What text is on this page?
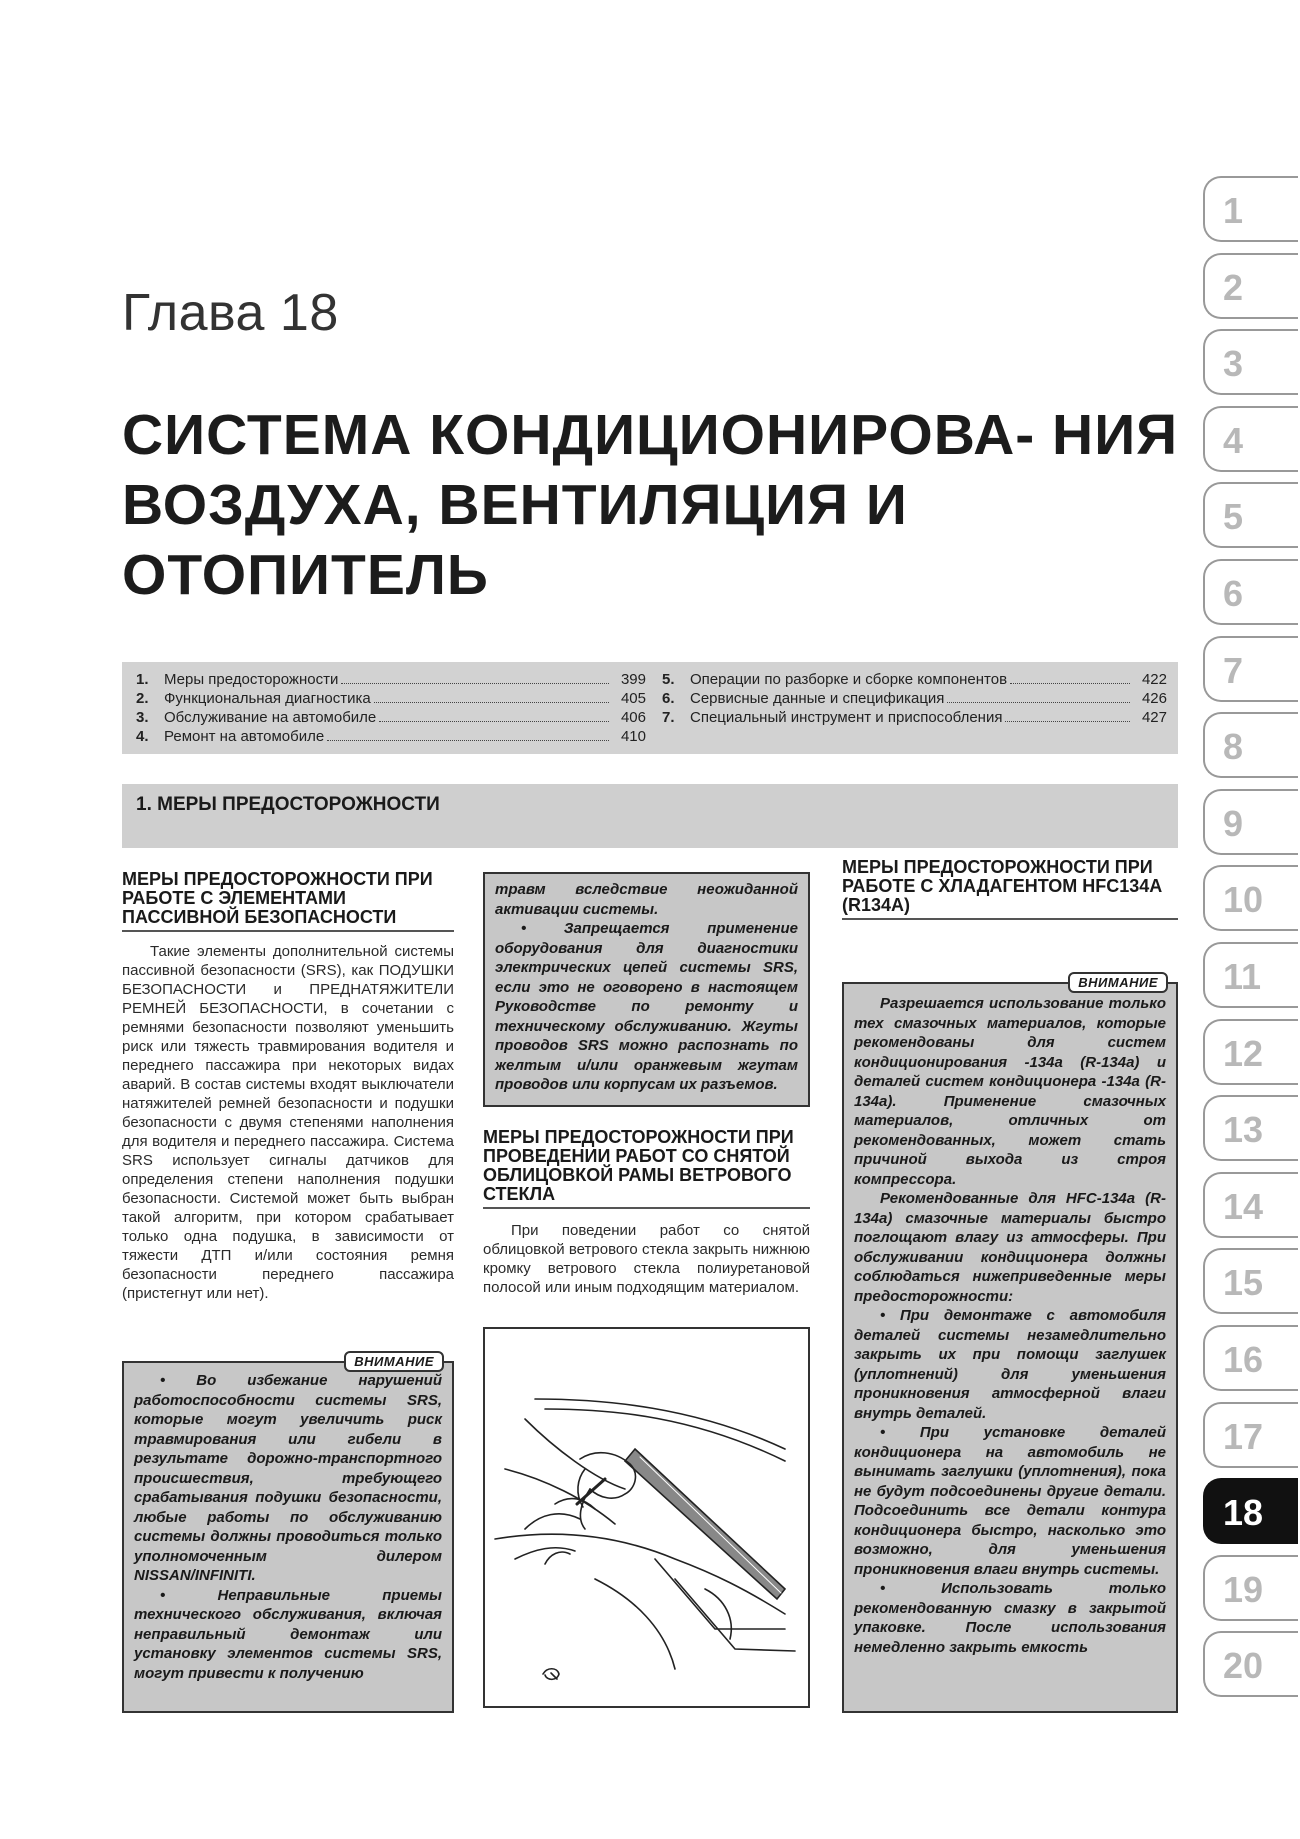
Глава 18
СИСТЕМА КОНДИЦИОНИРОВА- НИЯ ВОЗДУХА, ВЕНТИЛЯЦИЯ И ОТОПИТЕЛЬ
1.	Меры предосторожности	399
2.	Функциональная диагностика	405
3.	Обслуживание на автомобиле	406
4.	Ремонт на автомобиле	410
5.	Операции по разборке и сборке компонентов	422
6.	Сервисные данные и спецификация	426
7.	Специальный инструмент и приспособления	427
1. МЕРЫ ПРЕДОСТОРОЖНОСТИ
МЕРЫ ПРЕДОСТОРОЖНОСТИ ПРИ РАБОТЕ С ЭЛЕМЕНТАМИ ПАССИВНОЙ БЕЗОПАСНОСТИ
Такие элементы дополнительной системы пассивной безопасности (SRS), как ПОДУШКИ БЕЗОПАСНОСТИ и ПРЕДНАТЯЖИТЕЛИ РЕМНЕЙ БЕЗОПАСНОСТИ, в сочетании с ремнями безопасности позволяют уменьшить риск или тяжесть травмирования водителя и переднего пассажира при некоторых видах аварий. В состав системы входят выключатели натяжителей ремней безопасности и подушки безопасности с двумя степенями наполнения для водителя и переднего пассажира. Система SRS использует сигналы датчиков для определения степени наполнения подушки безопасности. Системой может быть выбран такой алгоритм, при котором срабатывает только одна подушка, в зависимости от тяжести ДТП и/или состояния ремня безопасности переднего пассажира (пристегнут или нет).
ВНИМАНИЕ

• Во избежание нарушений работоспособности системы SRS, которые могут увеличить риск травмирования или гибели в результате дорожно-транспортного происшествия, требующего срабатывания подушки безопасности, любые работы по обслуживанию системы должны проводиться только уполномоченным дилером NISSAN/INFINITI.

• Неправильные приемы технического обслуживания, включая неправильный демонтаж или установку элементов системы SRS, могут привести к получению

травм вследствие неожиданной активации системы.

• Запрещается применение оборудования для диагностики электрических цепей системы SRS, если это не оговорено в настоящем Руководстве по ремонту и техническому обслуживанию. Жгуты проводов SRS можно распознать по желтым и/или оранжевым жгутам проводов или корпусам их разъемов.

МЕРЫ ПРЕДОСТОРОЖНОСТИ ПРИ ПРОВЕДЕНИИ РАБОТ СО СНЯТОЙ ОБЛИЦОВКОЙ РАМЫ ВЕТРОВОГО СТЕКЛА
При поведении работ со снятой облицовкой ветрового стекла закрыть нижнюю кромку ветрового стекла полиуретановой полосой или иным подходящим материалом.
МЕРЫ ПРЕДОСТОРОЖНОСТИ ПРИ РАБОТЕ С ХЛАДАГЕНТОМ HFC134A (R134A)
ВНИМАНИЕ

Разрешается использование только тех смазочных материалов, которые рекомендованы для систем кондиционирования -134а (R-134а) и деталей систем кондиционера -134а (R-134а). Применение смазочных материалов, отличных от рекомендованных, может стать причиной выхода из строя компрессора.

Рекомендованные для HFC-134а (R-134а) смазочные материалы быстро поглощают влагу из атмосферы. При обслуживании кондиционера должны соблюдаться нижеприведенные меры предосторожности:

• При демонтаже с автомобиля деталей системы незамедлительно закрыть их при помощи заглушек (уплотнений) для уменьшения проникновения атмосферной влаги внутрь деталей.

• При установке деталей кондиционера на автомобиль не вынимать заглушки (уплотнения), пока не будут подсоединены другие детали. Подсоединить все детали контура кондиционера быстро, насколько это возможно, для уменьшения проникновения влаги внутрь системы.

• Использовать только рекомендованную смазку в закрытой упаковке. После использования немедленно закрыть емкость

1
2
3
4
5
6
7
8
9
10
11
12
13
14
15
16
17
18
19
20
